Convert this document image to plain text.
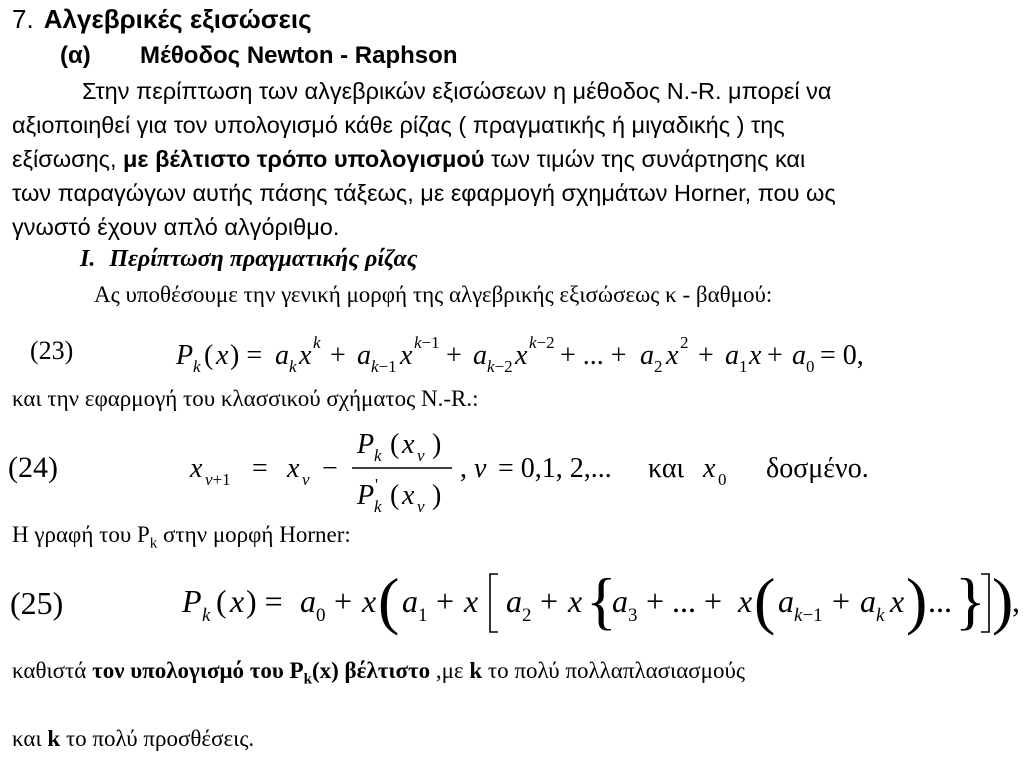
7. Αλγεβρικές εξισώσεις
(α) Μέθοδος Newton - Raphson
Στην περίπτωση των αλγεβρικών εξισώσεων η μέθοδος Ν.-R. μπορεί να
αξιοποιηθεί για τον υπολογισμό κάθε ρίζας ( πραγματικής ή μιγαδικής ) της
εξίσωσης, με βέλτιστο τρόπο υπολογισμού των τιμών της συνάρτησης και
των παραγώγων αυτής πάσης τάξεως, με εφαρμογή σχημάτων Horner, που ως
γνωστό έχουν απλό αλγόριθμο.
I. Περίπτωση πραγματικής ρίζας
Ας υποθέσουμε την γενική μορφή της αλγεβρικής εξισώσεως κ - βαθμού:
(23)	P k ( x ) = a k x k + a k−1 x k−1 + a k−2 x k−2 + ... + a 2 x 2 + a 1 x + a 0 = 0,
και την εφαρμογή του κλασσικού σχήματος Ν.-R.:
(24)	x ν+1 = x ν −
P k ( x ν )
P '
k ( x ν )
, ν = 0,1, 2,... και x 0 δοσμένο.
Η γραφή του $P_k$ στην μορφή Horner:
(25)	P k ( x ) = a 0 + x ( a 1 + x a 2 + x {
a 3 + ... + x ( a k−1 + a k x ) ... } )
,
καθιστά τον υπολογισμό του $P_k(x)$ βέλτιστο ,με k το πολύ πολλαπλασιασμούς
και k το πολύ προσθέσεις.
